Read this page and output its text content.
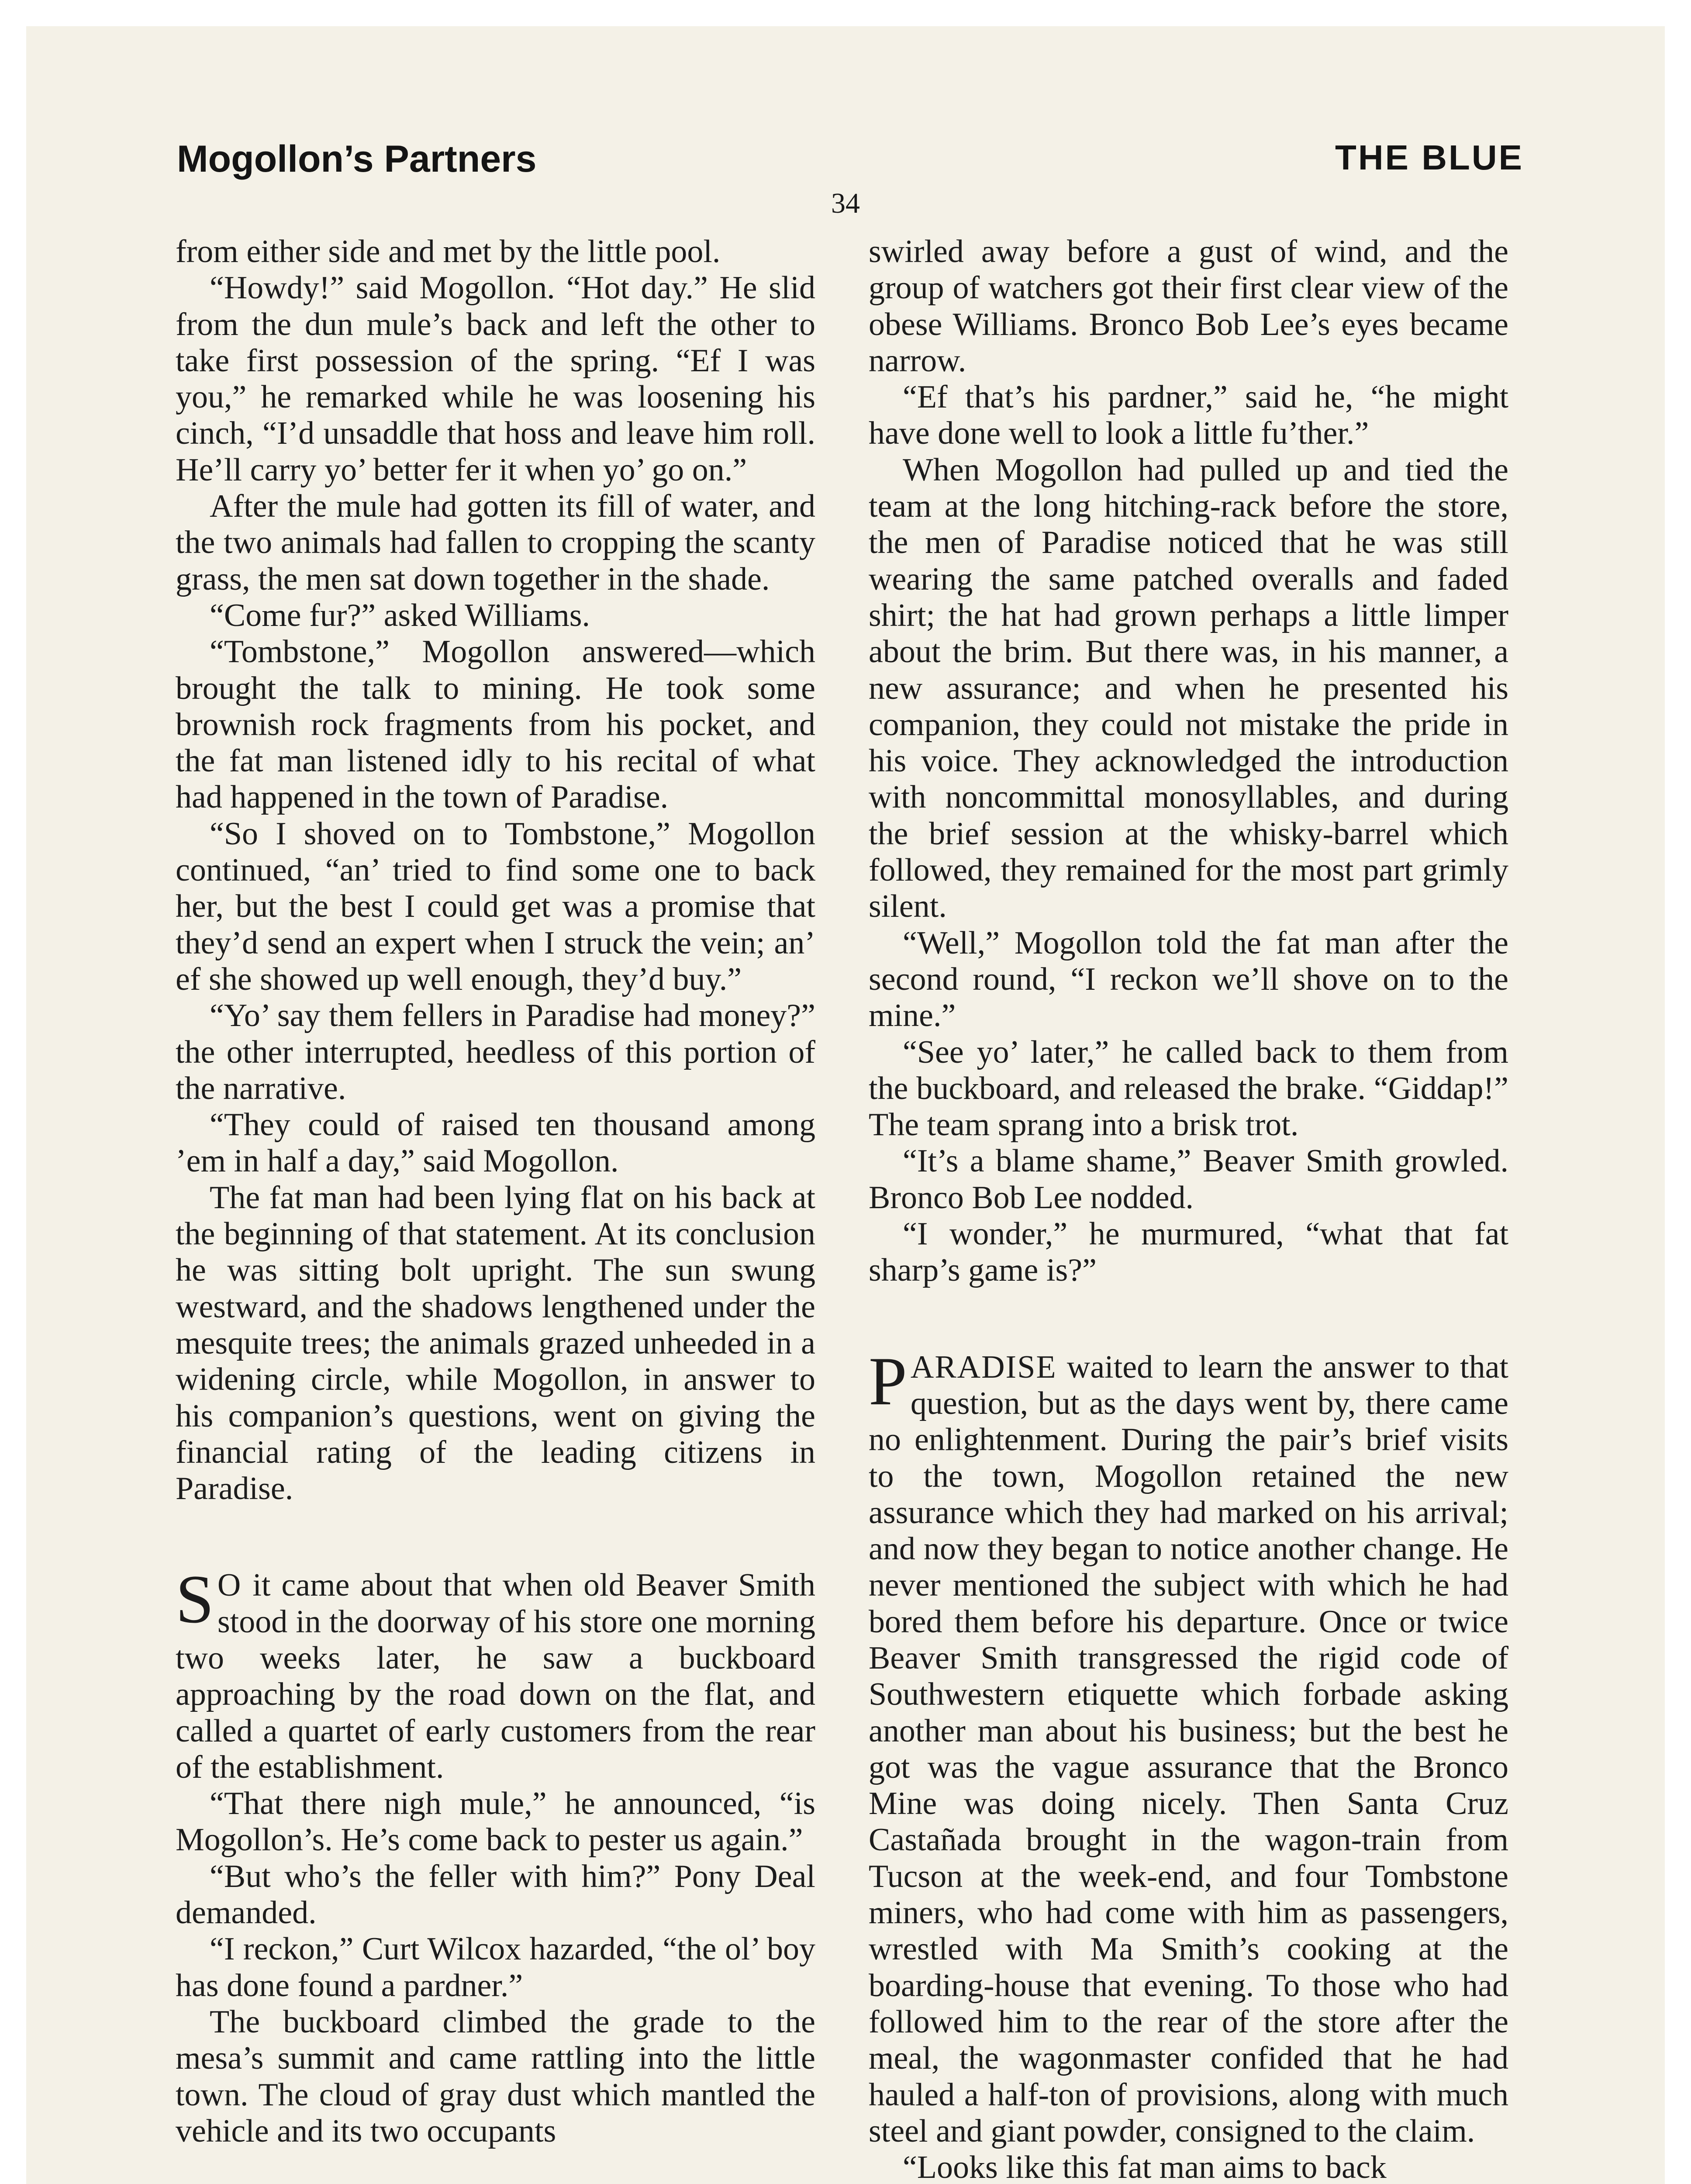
Mogollon’s Partners	THE BLUE
34

from either side and met by the little pool.

“Howdy!” said Mogollon. “Hot day.” He slid from the dun mule’s back and left the other to take first possession of the spring. “Ef I was you,” he remarked while he was loosening his cinch, “I’d unsaddle that hoss and leave him roll. He’ll carry yo’ better fer it when yo’ go on.”

After the mule had gotten its fill of water, and the two animals had fallen to cropping the scanty grass, the men sat down together in the shade.

“Come fur?” asked Williams.

“Tombstone,” Mogollon answered—which brought the talk to mining. He took some brownish rock fragments from his pocket, and the fat man listened idly to his recital of what had happened in the town of Paradise.

“So I shoved on to Tombstone,” Mogollon continued, “an’ tried to find some one to back her, but the best I could get was a promise that they’d send an expert when I struck the vein; an’ ef she showed up well enough, they’d buy.”

“Yo’ say them fellers in Paradise had money?” the other interrupted, heedless of this portion of the narrative.

“They could of raised ten thousand among ’em in half a day,” said Mogollon.

The fat man had been lying flat on his back at the beginning of that statement. At its conclusion he was sitting bolt upright. The sun swung westward, and the shadows lengthened under the mesquite trees; the animals grazed unheeded in a widening circle, while Mogollon, in answer to his companion’s questions, went on giving the financial rating of the leading citizens in Paradise.

S O it came about that when old Beaver Smith stood in the doorway of his store one morning two weeks later, he saw a buckboard approaching by the road down on the flat, and called a quartet of early customers from the rear of the establishment.

“That there nigh mule,” he announced, “is Mogollon’s. He’s come back to pester us again.”

“But who’s the feller with him?” Pony Deal demanded.

“I reckon,” Curt Wilcox hazarded, “the ol’ boy has done found a pardner.”

The buckboard climbed the grade to the mesa’s summit and came rattling into the little town. The cloud of gray dust which mantled the vehicle and its two occupants

swirled away before a gust of wind, and the group of watchers got their first clear view of the obese Williams. Bronco Bob Lee’s eyes became narrow.

“Ef that’s his pardner,” said he, “he might have done well to look a little fu’ther.”

When Mogollon had pulled up and tied the team at the long hitching-rack before the store, the men of Paradise noticed that he was still wearing the same patched overalls and faded shirt; the hat had grown perhaps a little limper about the brim. But there was, in his manner, a new assurance; and when he presented his companion, they could not mistake the pride in his voice. They acknowledged the introduction with noncommittal monosyllables, and during the brief session at the whisky-barrel which followed, they remained for the most part grimly silent.

“Well,” Mogollon told the fat man after the second round, “I reckon we’ll shove on to the mine.”

“See yo’ later,” he called back to them from the buckboard, and released the brake. “Giddap!” The team sprang into a brisk trot.

“It’s a blame shame,” Beaver Smith growled. Bronco Bob Lee nodded.

“I wonder,” he murmured, “what that fat sharp’s game is?”

PARADISE waited to learn the answer to that question, but as the days went by, there came no enlightenment. During the pair’s brief visits to the town, Mogollon retained the new assurance which they had marked on his arrival; and now they began to notice another change. He never mentioned the subject with which he had bored them before his departure. Once or twice Beaver Smith transgressed the rigid code of Southwestern etiquette which forbade asking another man about his business; but the best he got was the vague assurance that the Bronco Mine was doing nicely. Then Santa Cruz Castañada brought in the wagon-train from Tucson at the week-end, and four Tombstone miners, who had come with him as passengers, wrestled with Ma Smith’s cooking at the boarding-house that evening. To those who had followed him to the rear of the store after the meal, the wagonmaster confided that he had hauled a half-ton of provisions, along with much steel and giant powder, consigned to the claim.

“Looks like this fat man aims to back
